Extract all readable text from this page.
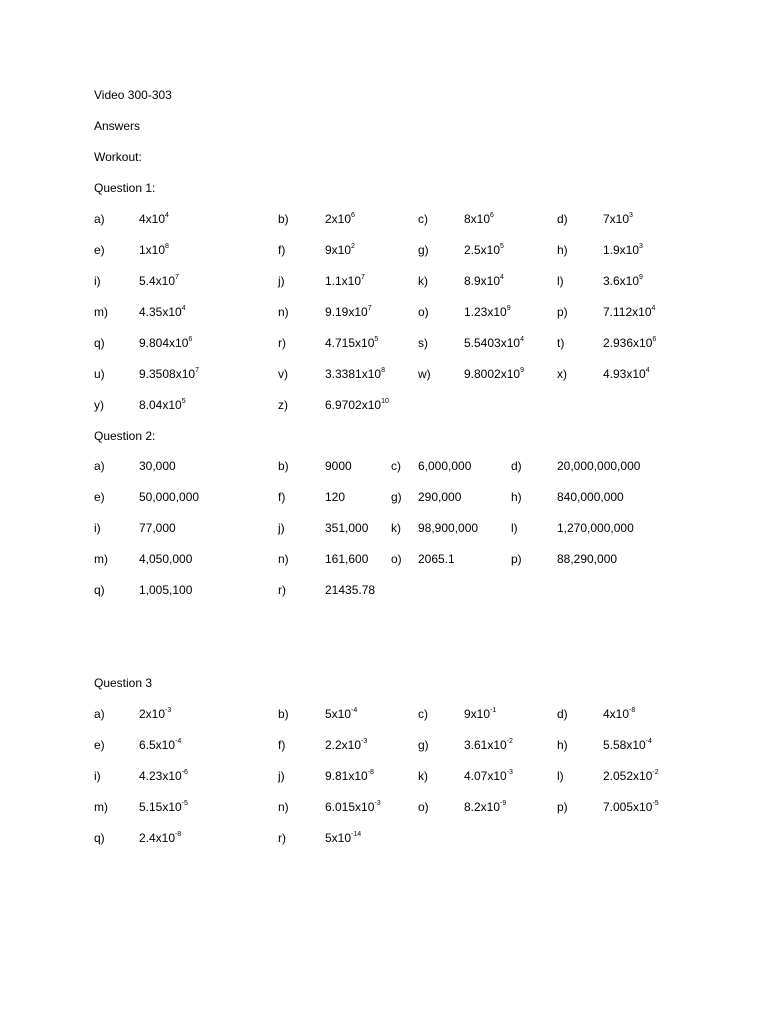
Video 300-303
Answers
Workout:
Question 1:
a)	$4x10^4$	b)	$2x10^6$	c)	$8x10^6$	d)	$7x10^3$
e)	$1x10^8$	f)	$9x10^2$	g)	$2.5x10^5$	h)	$1.9x10^3$
i)	$5.4x10^7$	j)	$1.1x10^7$	k)	$8.9x10^4$	l)	$3.6x10^9$
m)	$4.35x10^4$	n)	$9.19x10^7$	o)	$1.23x10^9$	p)	$7.112x10^4$
q)	$9.804x10^6$	r)	$4.715x10^5$	s)	$5.5403x10^4$	t)	$2.936x10^6$
u)	$9.3508x10^7$	v)	$3.3381x10^8$	w)	$9.8002x10^9$	x)	$4.93x10^4$
y)	$8.04x10^5$	z)	$6.9702x10^{10}$
Question 2:
a)	30,000	b)	9000	c) 6,000,000	d)	20,000,000,000
e)	50,000,000	f)	120	g) 290,000	h)	840,000,000
i)	77,000	j)	351,000 k) 98,900,000	l)	1,270,000,000
m)	4,050,000	n)	161,600 o) 2065.1	p)	88,290,000
q)	1,005,100	r)	21435.78
Question 3
a)	$2x10^{-3}$	b)	$5x10^{-4}$	c)	$9x10^{-1}$	d)	$4x10^{-8}$
e)	$6.5x10^{-4}$	f)	$2.2x10^{-3}$	g)	$3.61x10^{-2}$	h)	$5.58x10^{-4}$
i)	$4.23x10^{-6}$	j)	$9.81x10^{-8}$	k)	$4.07x10^{-3}$	l)	$2.052x10^{-2}$
m)	$5.15x10^{-5}$	n)	$6.015x10^{-3}$	o)	$8.2x10^{-9}$	p)	$7.005x10^{-5}$
q)	$2.4x10^{-8}$	r)	$5x10^{-14}$
